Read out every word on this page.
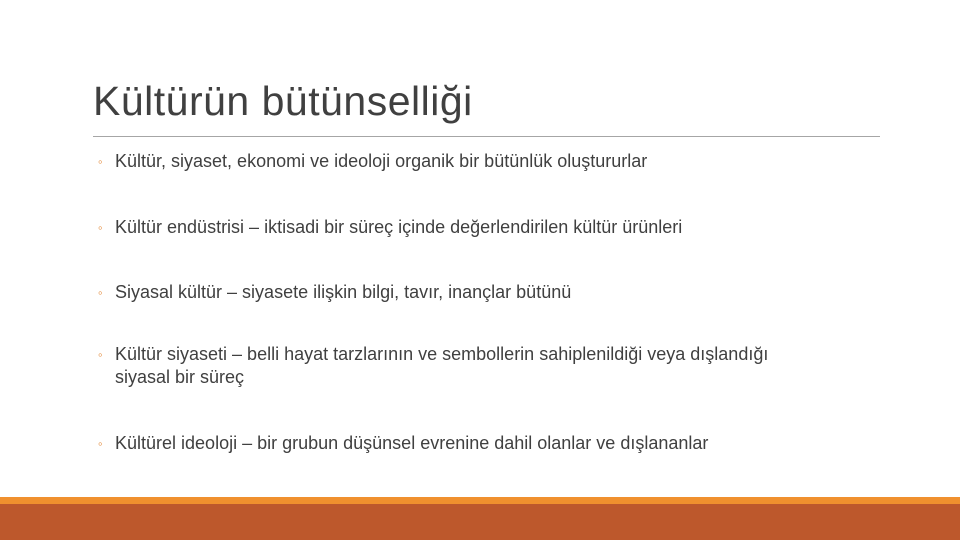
Kültürün bütünselliği
◦ Kültür, siyaset, ekonomi ve ideoloji organik bir bütünlük oluştururlar
◦ Kültür endüstrisi – iktisadi bir süreç içinde değerlendirilen kültür ürünleri
◦ Siyasal kültür – siyasete ilişkin bilgi, tavır, inançlar bütünü
◦ Kültür siyaseti – belli hayat tarzlarının ve sembollerin sahiplenildiği veya dışlandığı siyasal bir süreç
◦ Kültürel ideoloji – bir grubun düşünsel evrenine dahil olanlar ve dışlananlar
